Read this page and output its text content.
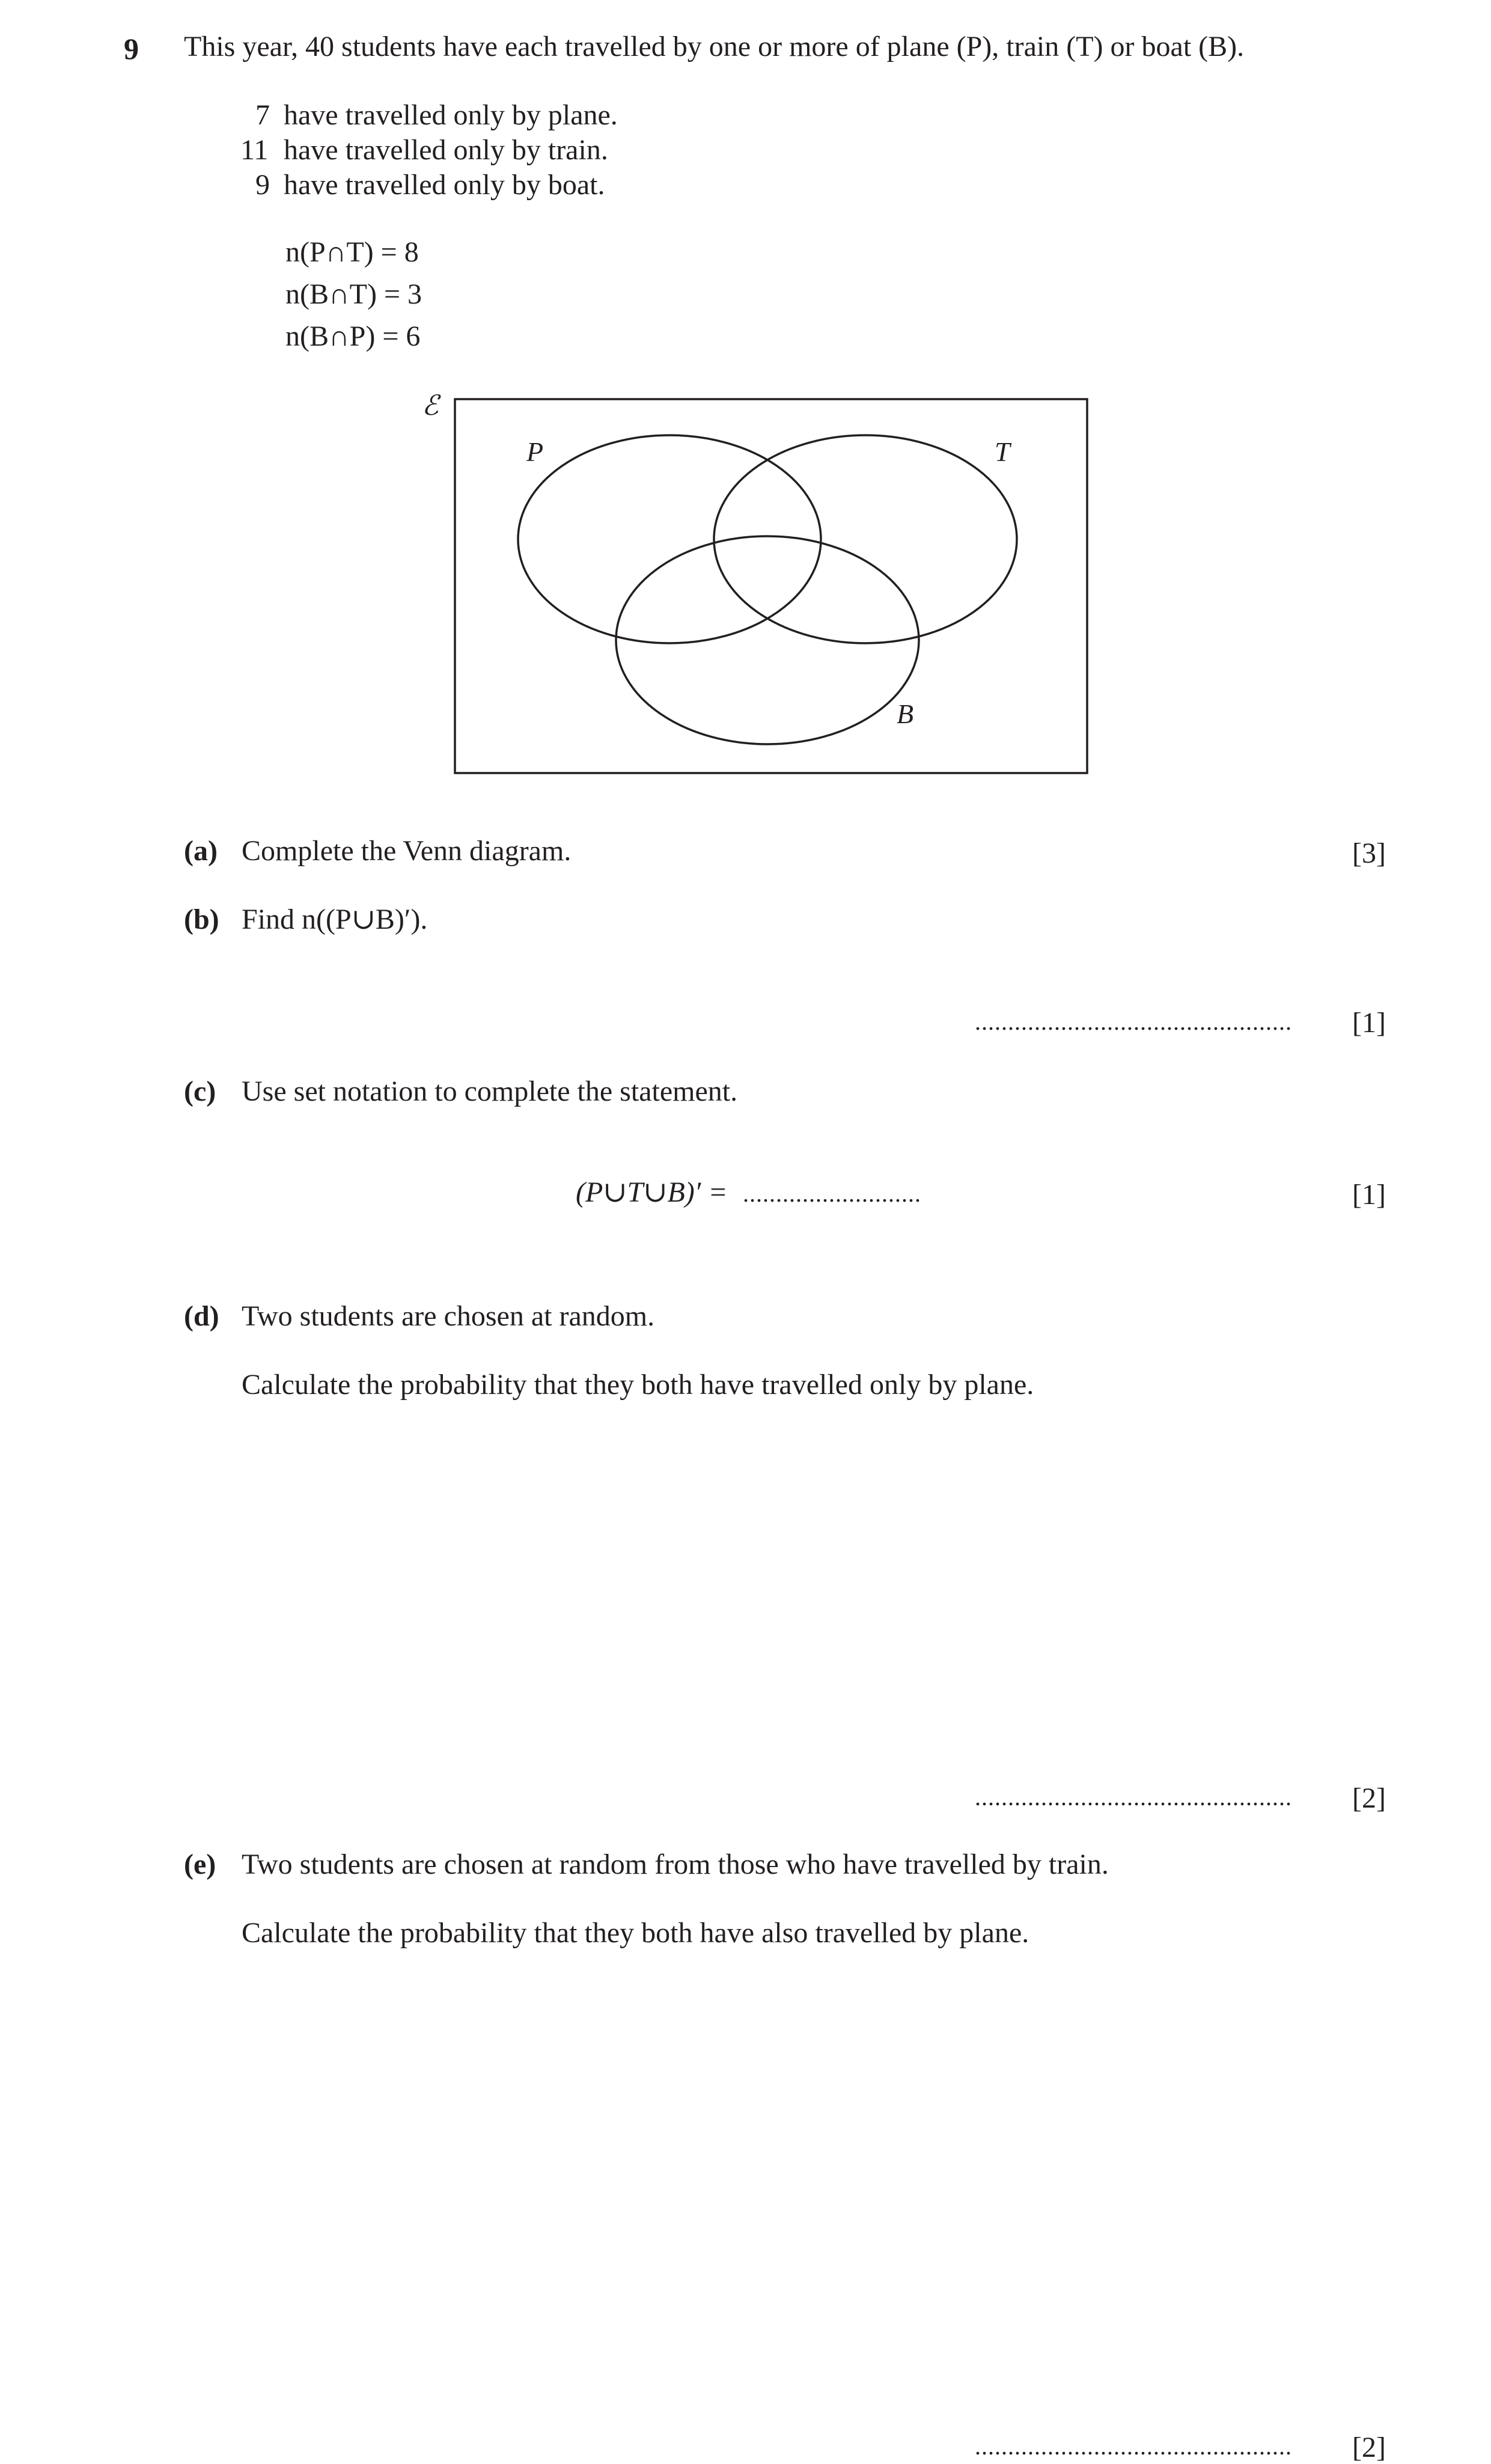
9 This year, 40 students have each travelled by one or more of plane (P), train (T) or boat (B).
7 have travelled only by plane.
11 have travelled only by train.
9 have travelled only by boat.
n(P∩T) = 8
n(B∩T) = 3
n(B∩P) = 6
ℰ
P	T
B
(a) Complete the Venn diagram.	[3]
(b) Find n((P∪B)′).
................................................ [1]
(c) Use set notation to complete the statement.
(P∪T∪B)′ = ...........................	[1]
(d) Two students are chosen at random.
Calculate the probability that they both have travelled only by plane.
................................................ [2]
(e) Two students are chosen at random from those who have travelled by train.
Calculate the probability that they both have also travelled by plane.
................................................ [2]
